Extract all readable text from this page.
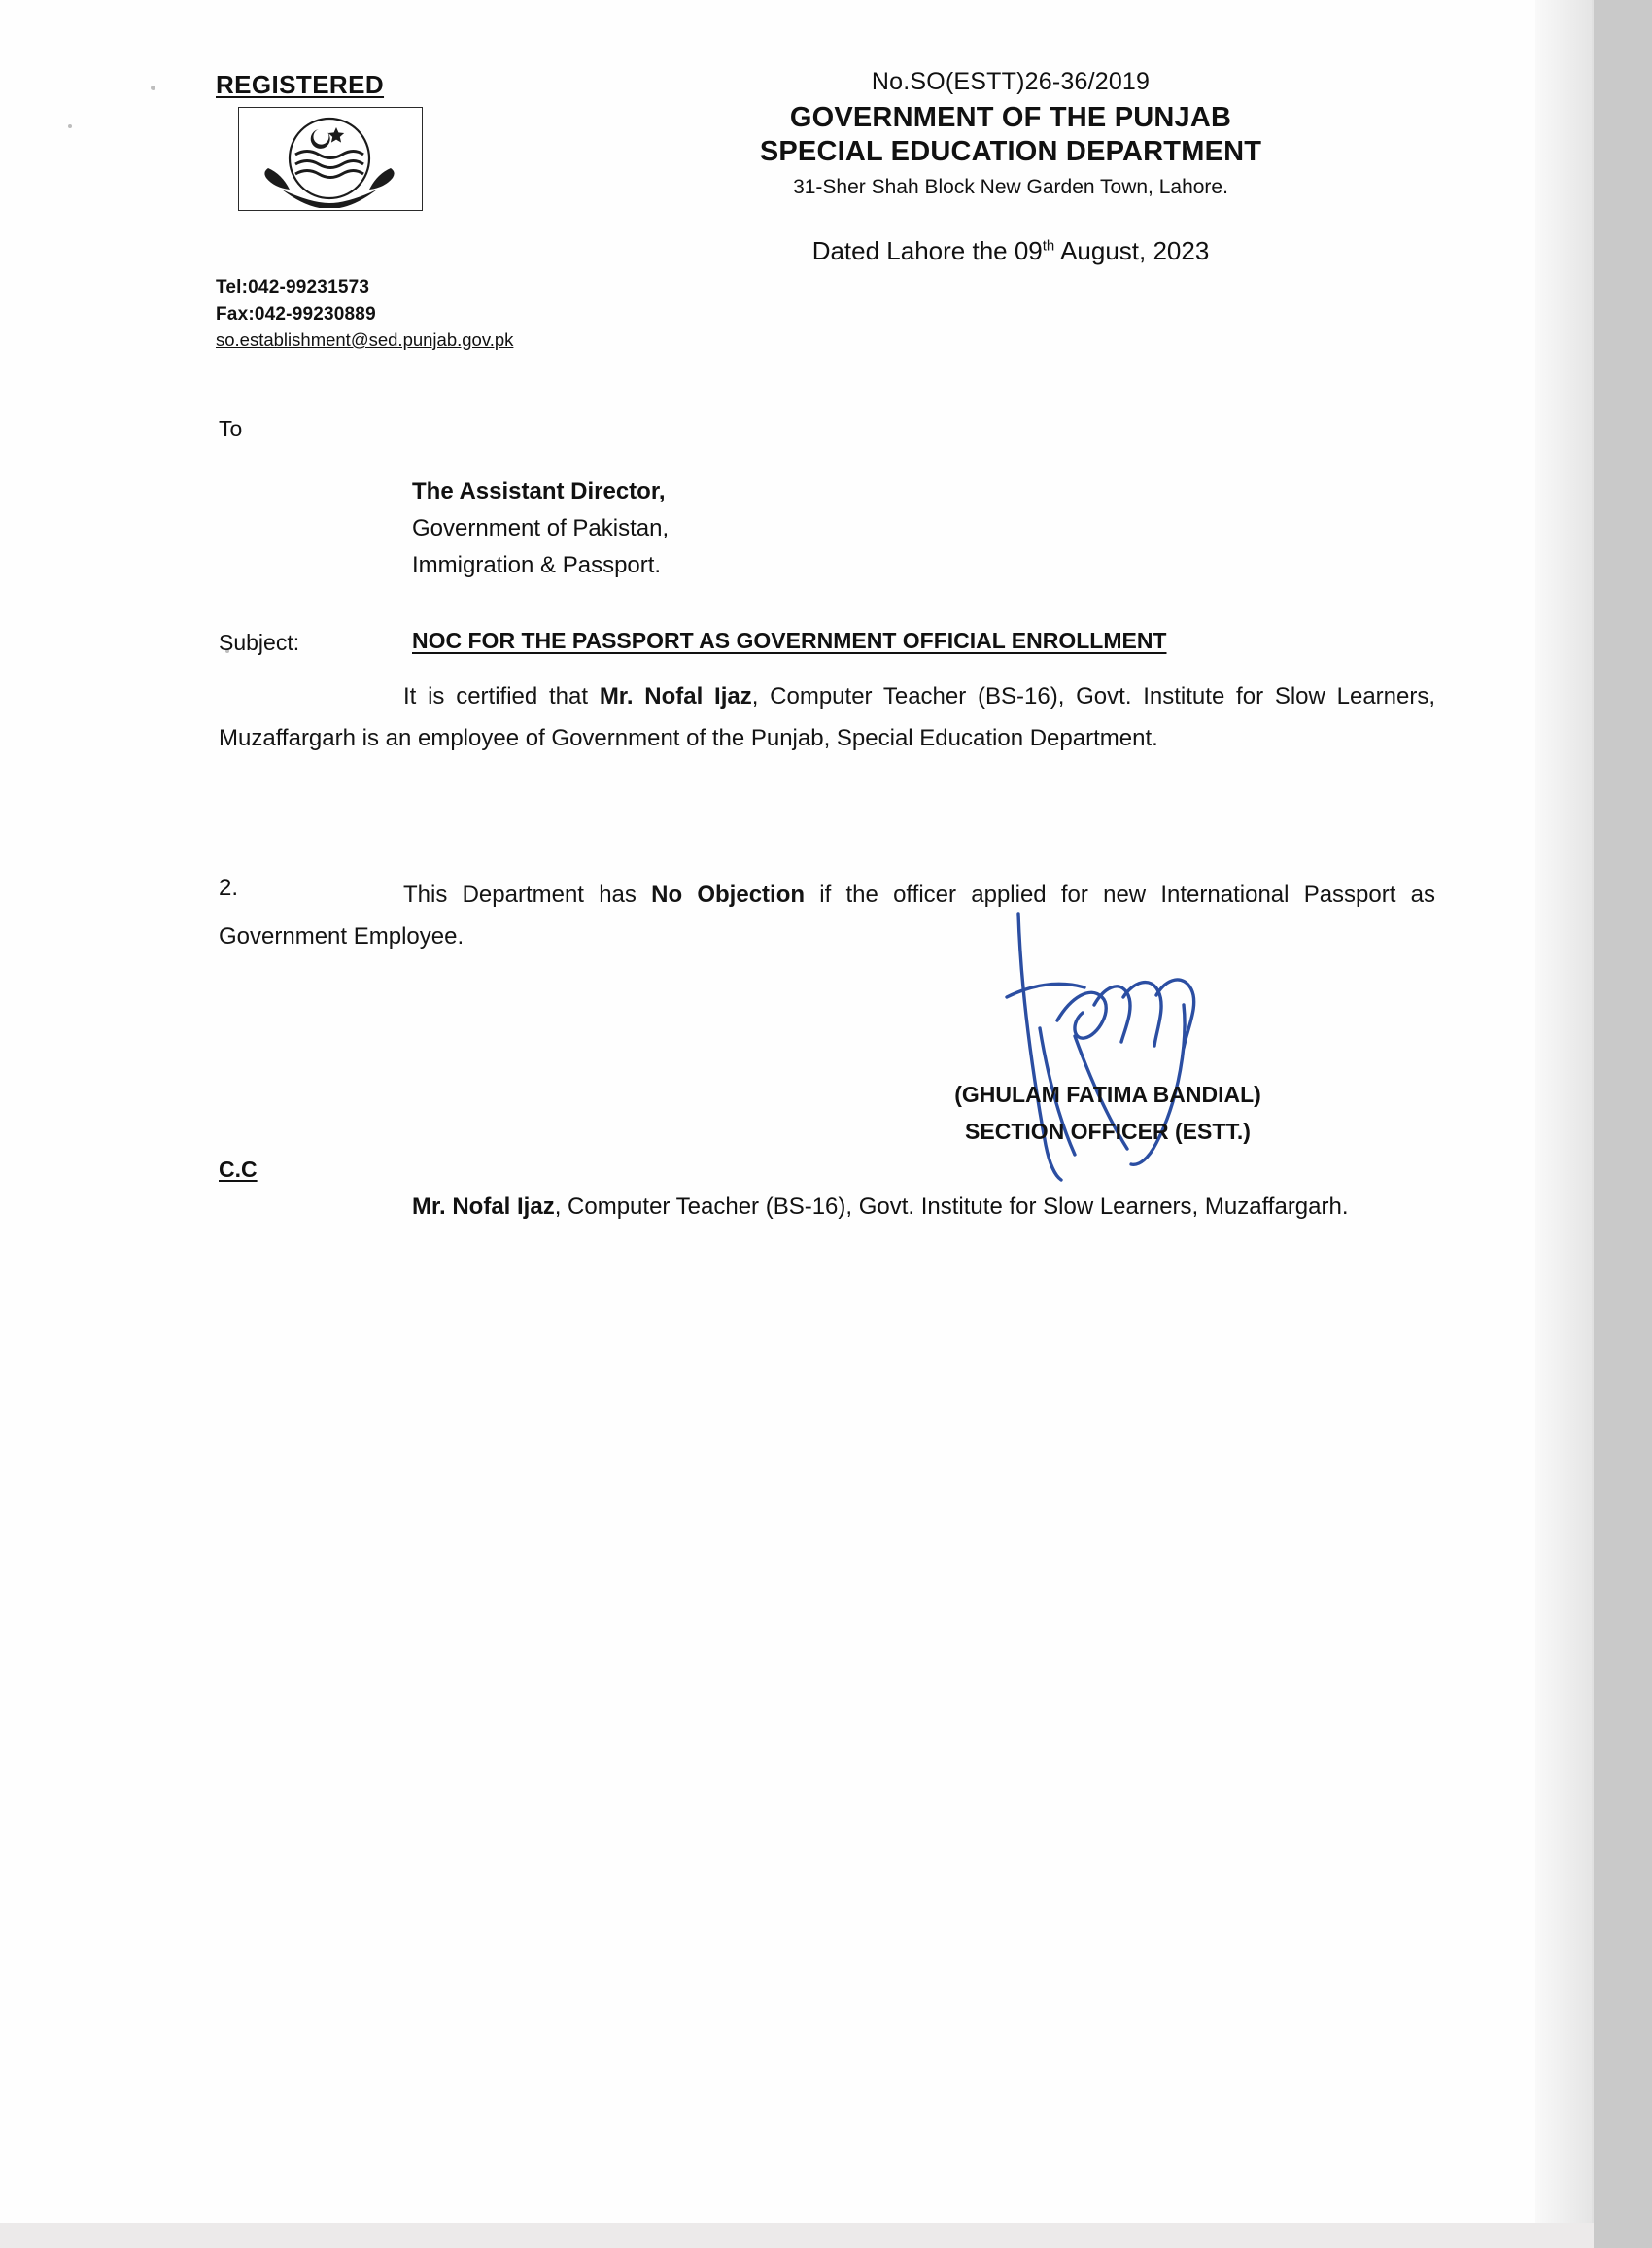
REGISTERED
Tel:042-99231573
Fax:042-99230889
so.establishment@sed.punjab.gov.pk
No.SO(ESTT)26-36/2019
GOVERNMENT OF THE PUNJAB
SPECIAL EDUCATION DEPARTMENT
31-Sher Shah Block New Garden Town, Lahore.
Dated Lahore the 09th August, 2023
To
The Assistant Director,
Government of Pakistan,
Immigration & Passport.
Subject:	NOC FOR THE PASSPORT AS GOVERNMENT OFFICIAL ENROLLMENT
It is certified that Mr. Nofal Ijaz, Computer Teacher (BS-16), Govt. Institute for Slow Learners, Muzaffargarh is an employee of Government of the Punjab, Special Education Department.
2.	This Department has No Objection if the officer applied for new International Passport as Government Employee.
(GHULAM FATIMA BANDIAL)
SECTION OFFICER (ESTT.)
C.C
Mr. Nofal Ijaz, Computer Teacher (BS-16), Govt. Institute for Slow Learners, Muzaffargarh.
